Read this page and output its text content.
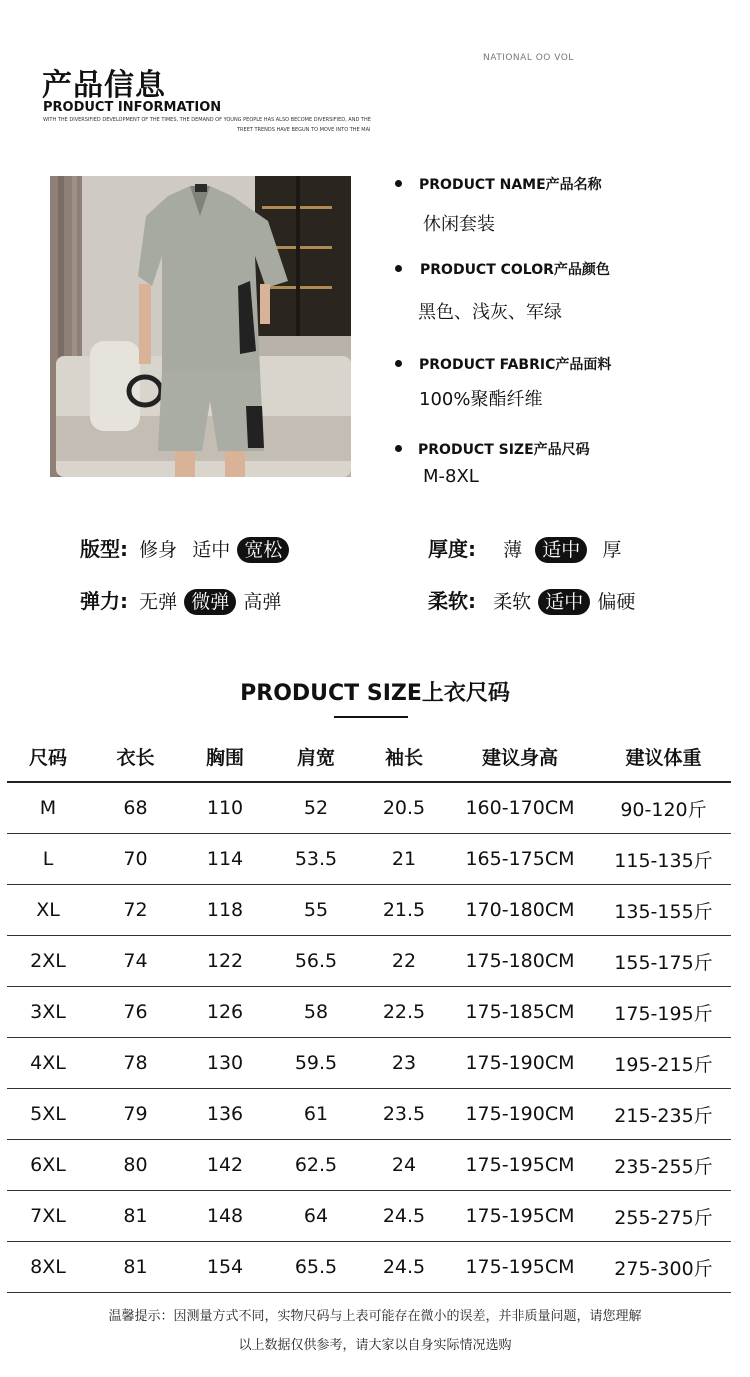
产品信息
PRODUCT INFORMATION
NATIONAL OO VOL
WITH THE DIVERSIFIED DEVELOPMENT OF THE TIMES, THE DEMAND OF YOUNG PEOPLE HAS ALSO BECOME DIVERSIFIED, AND THE
TREET TRENDS HAVE BEGUN TO MOVE INTO THE MAI
PRODUCT NAME产品名称
休闲套装
PRODUCT COLOR产品颜色
黑色、浅灰、军绿
PRODUCT FABRIC产品面料
100%聚酯纤维
PRODUCT SIZE产品尺码
M-8XL
版型: 修身 适中 宽松	厚度: 薄 适中 厚
弹力: 无弹 微弹 高弹	柔软: 柔软 适中 偏硬
PRODUCT SIZE上衣尺码
尺码	衣长	胸围	肩宽	袖长	建议身高	建议体重
M	68	110	52	20.5	160-170CM	90-120斤
L	70	114	53.5	21	165-175CM	115-135斤
XL	72	118	55	21.5	170-180CM	135-155斤
2XL	74	122	56.5	22	175-180CM	155-175斤
3XL	76	126	58	22.5	175-185CM	175-195斤
4XL	78	130	59.5	23	175-190CM	195-215斤
5XL	79	136	61	23.5	175-190CM	215-235斤
6XL	80	142	62.5	24	175-195CM	235-255斤
7XL	81	148	64	24.5	175-195CM	255-275斤
8XL	81	154	65.5	24.5	175-195CM	275-300斤
温馨提示：因测量方式不同，实物尺码与上表可能存在微小的误差，并非质量问题，请您理解
以上数据仅供参考，请大家以自身实际情况选购
